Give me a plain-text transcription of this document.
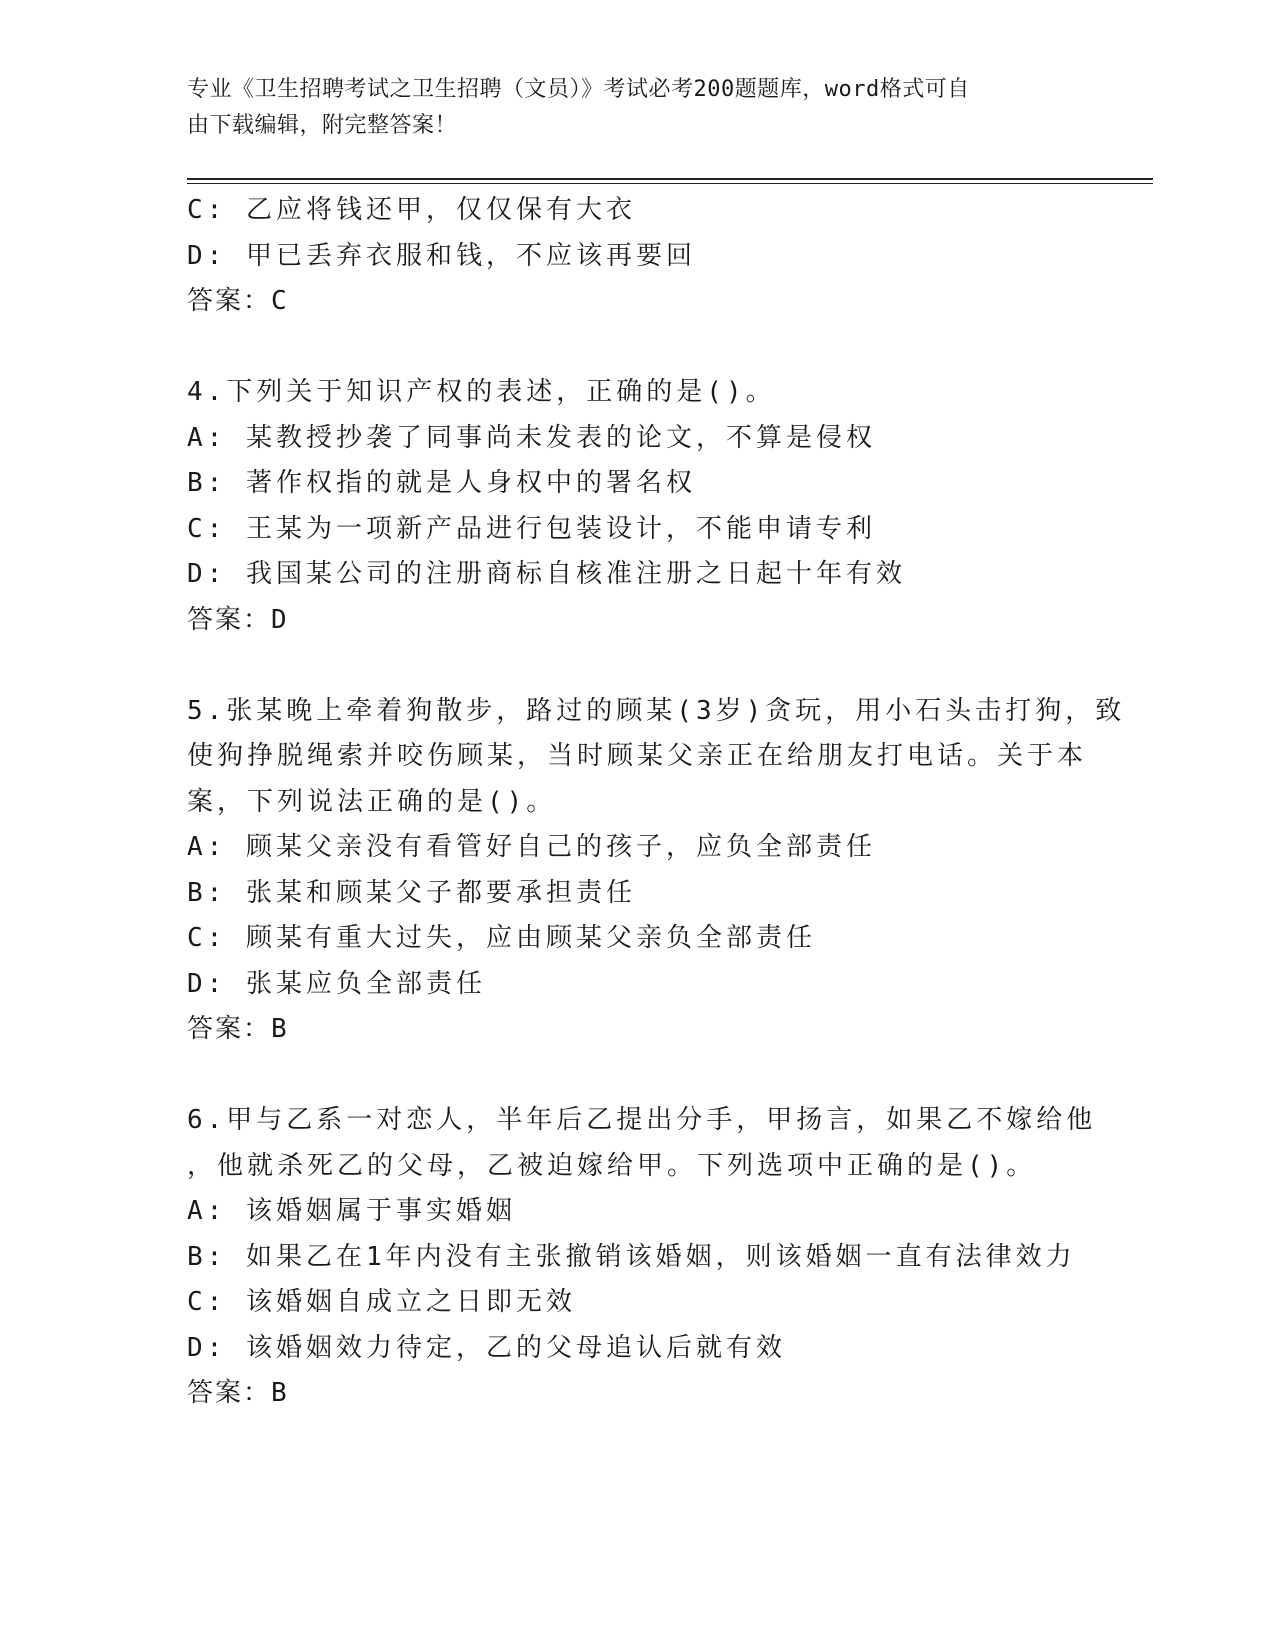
专业《卫生招聘考试之卫生招聘（文员）》考试必考200题题库，word格式可自
由下载编辑，附完整答案！
C: 乙应将钱还甲，仅仅保有大衣
D: 甲已丢弃衣服和钱，不应该再要回
答案：C
4.下列关于知识产权的表述，正确的是()。
A: 某教授抄袭了同事尚未发表的论文，不算是侵权
B: 著作权指的就是人身权中的署名权
C: 王某为一项新产品进行包装设计，不能申请专利
D: 我国某公司的注册商标自核准注册之日起十年有效
答案：D
5.张某晚上牵着狗散步，路过的顾某(3岁)贪玩，用小石头击打狗，致
使狗挣脱绳索并咬伤顾某，当时顾某父亲正在给朋友打电话。关于本
案，下列说法正确的是()。
A: 顾某父亲没有看管好自己的孩子，应负全部责任
B: 张某和顾某父子都要承担责任
C: 顾某有重大过失，应由顾某父亲负全部责任
D: 张某应负全部责任
答案：B
6.甲与乙系一对恋人，半年后乙提出分手，甲扬言，如果乙不嫁给他
，他就杀死乙的父母，乙被迫嫁给甲。下列选项中正确的是()。
A: 该婚姻属于事实婚姻
B: 如果乙在1年内没有主张撤销该婚姻，则该婚姻一直有法律效力
C: 该婚姻自成立之日即无效
D: 该婚姻效力待定，乙的父母追认后就有效
答案：B
